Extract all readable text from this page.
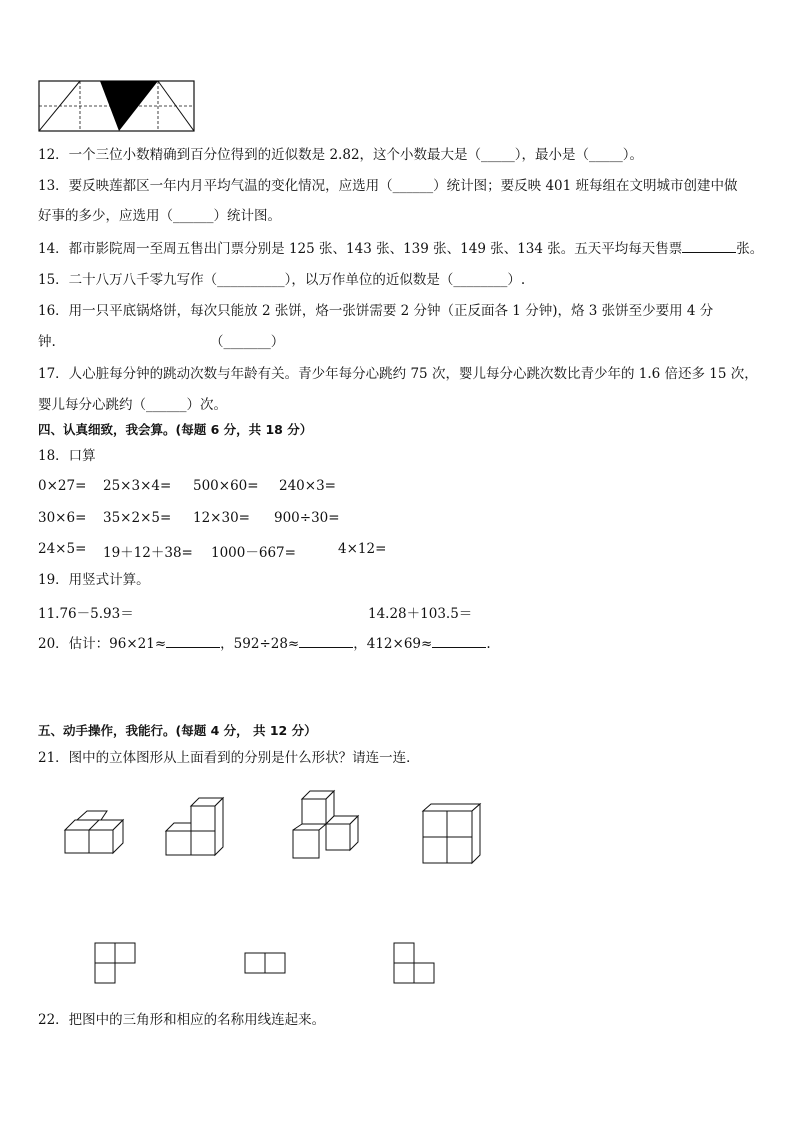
12．一个三位小数精确到百分位得到的近似数是 2.82，这个小数最大是（_____），最小是（_____）。
13．要反映莲都区一年内月平均气温的变化情况，应选用（______）统计图；要反映 401 班每组在文明城市创建中做
好事的多少，应选用（______）统计图。
14．都市影院周一至周五售出门票分别是 125 张、143 张、139 张、149 张、134 张。五天平均每天售票	张。
15．二十八万八千零九写作（__________），以万作单位的近似数是（________）.
16．用一只平底锅烙饼，每次只能放 2 张饼，烙一张饼需要 2 分钟（正反面各 1 分钟)，烙 3 张饼至少要用 4 分
钟.	（_______）
17．人心脏每分钟的跳动次数与年龄有关。青少年每分心跳约 75 次，婴儿每分心跳次数比青少年的 1.6 倍还多 15 次，
婴儿每分心跳约（______）次。
四、认真细致，我会算。(每题 6 分，共 18 分）
18．口算
0×27= 25×3×4= 500×60= 240×3=
30×6= 35×2×5= 12×30= 900÷30=
24×5= 19＋12＋38= 1000－667=	4×12=
19．用竖式计算。
11.76－5.93＝	14.28＋103.5＝
20．估计：96×21≈	，592÷28≈	，412×69≈	.
五、动手操作，我能行。(每题 4 分， 共 12 分）
21．图中的立体图形从上面看到的分别是什么形状？请连一连．
22．把图中的三角形和相应的名称用线连起来。
